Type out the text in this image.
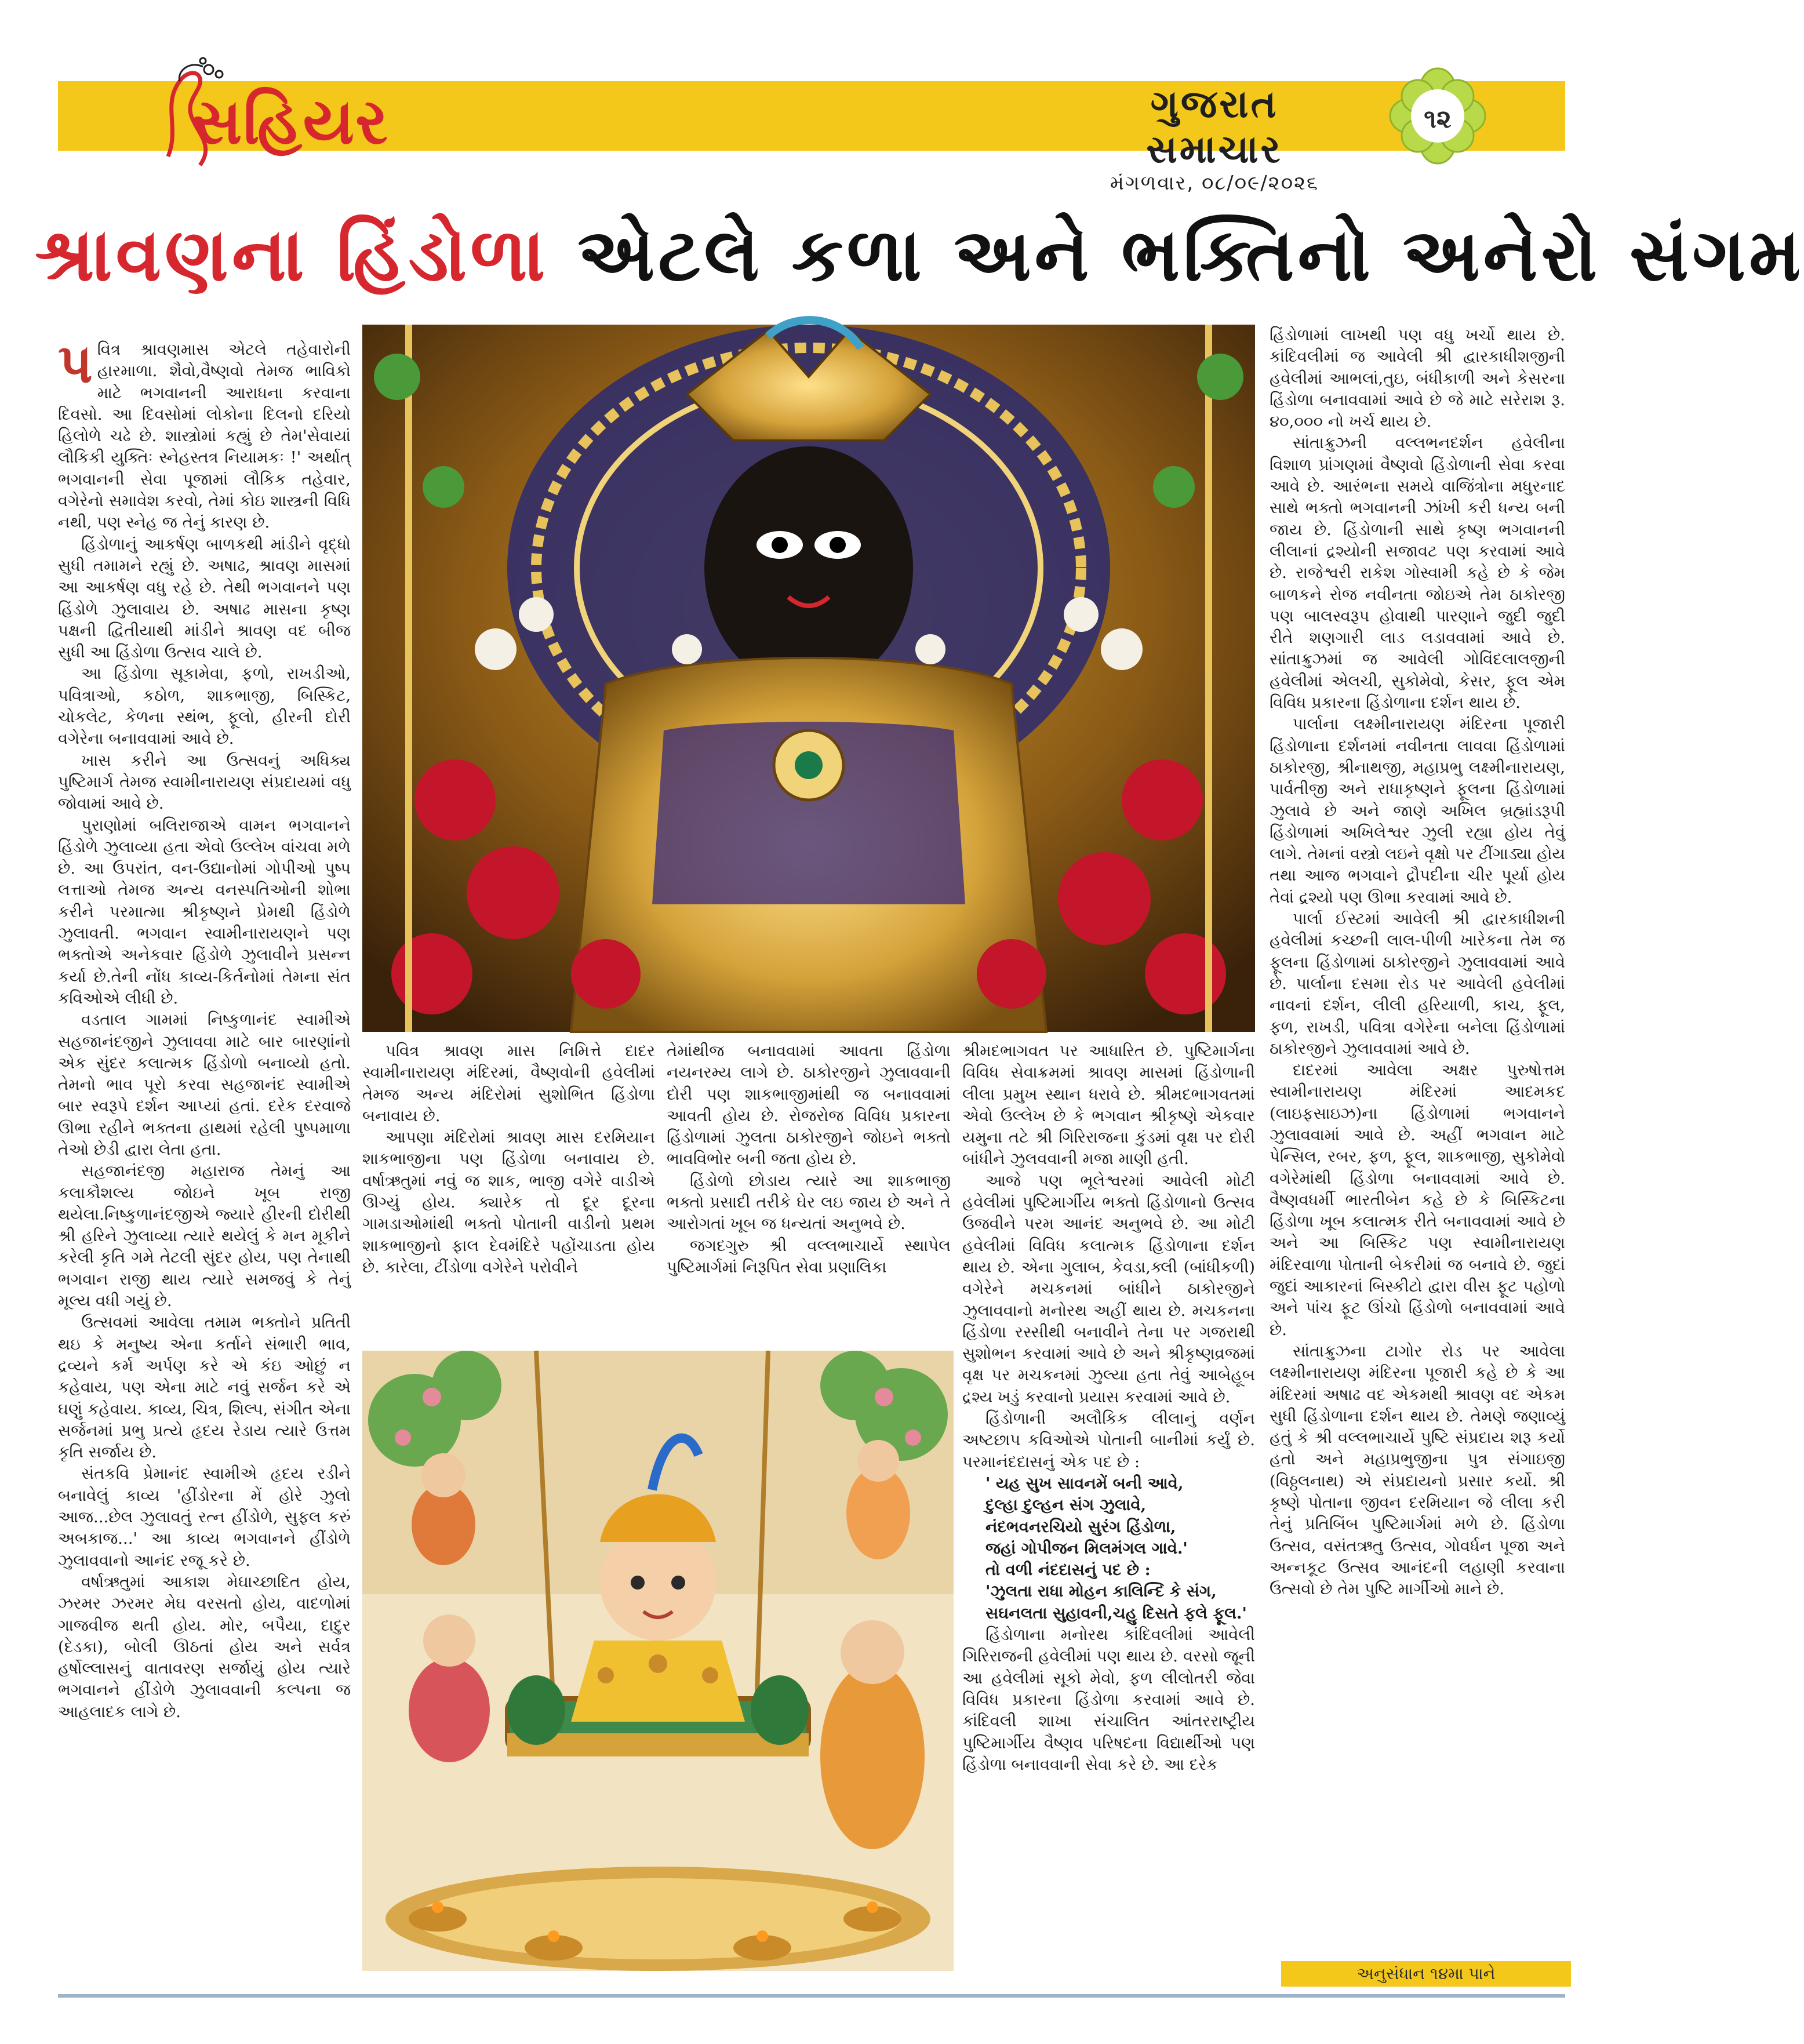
સહિયર	ગુજરાત સમાચાર
મંગળવાર, ૦૮/૦૯/૨૦૨૬
૧૨
શ્રાવણના હિંડોળા એટલે કળા અને ભક્તિનો અનેરો સંગમ

પવિત્ર શ્રાવણમાસ એટલે તહેવારોની હારમાળા. શૈવો,વૈષ્ણવો તેમજ ભાવિકો માટે ભગવાનની આરાધના કરવાના દિવસો. આ દિવસોમાં લોકોના દિલનો દરિયો હિલોળે ચઢે છે. શાસ્ત્રોમાં કહ્યું છે તેમ'સેવાયાં લૌકિકી યુક્તિઃ સ્નેહસ્તત્ર નિયામકઃ !' અર્થાત્ ભગવાનની સેવા પૂજામાં લૌકિક તહેવાર, વગેરેનો સમાવેશ કરવો, તેમાં કોઇ શાસ્ત્રની વિધિ નથી, પણ સ્નેહ જ તેનું કારણ છે.

હિંડોળાનું આકર્ષણ બાળકથી માંડીને વૃદ્ધો સુધી તમામને રહ્યું છે. અષાઢ, શ્રાવણ માસમાં આ આકર્ષણ વધુ રહે છે. તેથી ભગવાનને પણ હિંડોળે ઝુલાવાય છે. અષાઢ માસના કૃષ્ણ પક્ષની દ્વિતીયાથી માંડીને શ્રાવણ વદ બીજ સુધી આ હિંડોળા ઉત્સવ ચાલે છે.

આ હિંડોળા સૂકામેવા, ફળો, રાખડીઓ, પવિત્રાઓ, કઠોળ, શાકભાજી, બિસ્કિટ, ચોકલેટ, કેળના સ્થંભ, ફૂલો, હીરની દોરી વગેરેના બનાવવામાં આવે છે.

ખાસ કરીને આ ઉત્સવનું અધિક્ય પુષ્ટિમાર્ગ તેમજ સ્વામીનારાયણ સંપ્રદાયમાં વધુ જોવામાં આવે છે.

પુરાણોમાં બલિરાજાએ વામન ભગવાનને હિંડોળે ઝુલાવ્યા હતા એવો ઉલ્લેખ વાંચવા મળે છે. આ ઉપરાંત, વન-ઉદ્યાનોમાં ગોપીઓ પુષ્પ લત્તાઓ તેમજ અન્ય વનસ્પતિઓની શોભા કરીને પરમાત્મા શ્રીકૃષ્ણને પ્રેમથી હિંડોળે ઝુલાવતી. ભગવાન સ્વામીનારાયણને પણ ભક્તોએ અનેકવાર હિંડોળે ઝુલાવીને પ્રસન્ન કર્યા છે.તેની નોંધ કાવ્ય-કિર્તનોમાં તેમના સંત કવિઓએ લીધી છે.

વડતાલ ગામમાં નિષ્કુળાનંદ સ્વામીએ સહજાનંદજીને ઝુલાવવા માટે બાર બારણાંનો એક સુંદર કલાત્મક હિંડોળો બનાવ્યો હતો. તેમનો ભાવ પૂરો કરવા સહજાનંદ સ્વામીએ બાર સ્વરૂપે દર્શન આપ્યાં હતાં. દરેક દરવાજે ઊભા રહીને ભક્તના હાથમાં રહેલી પુષ્પમાળા તેઓ છેડી દ્વારા લેતા હતા.

સહજાનંદજી મહારાજ તેમનું આ કલાકૌશલ્ય જોઇને ખૂબ રાજી થયેલા.નિષ્કુળાનંદજીએ જ્યારે હીરની દોરીથી શ્રી હરિને ઝુલાવ્યા ત્યારે થયેલું કે મન મૂકીને કરેલી કૃતિ ગમે તેટલી સુંદર હોય, પણ તેનાથી ભગવાન રાજી થાય ત્યારે સમજવું કે તેનું મૂલ્ય વધી ગયું છે.

ઉત્સવમાં આવેલા તમામ ભક્તોને પ્રતિતી થઇ કે મનુષ્ય એના કર્તાને સંભારી ભાવ, દ્રવ્યને કર્મ અર્પણ કરે એ કંઇ ઓછું ન કહેવાય, પણ એના માટે નવું સર્જન કરે એ ઘણું કહેવાય. કાવ્ય, ચિત્ર, શિલ્પ, સંગીત એના સર્જનમાં પ્રભુ પ્રત્યે હૃદય રેડાય ત્યારે ઉત્તમ કૃતિ સર્જાય છે.

સંતકવિ પ્રેમાનંદ સ્વામીએ હૃદય રડીને બનાવેલું કાવ્ય 'હીંડોરના મેં હોરે ઝુલો આજ...છેલ ઝુલાવતું રત્ન હીંડોળે, સુફલ કરું અબકાજ...' આ કાવ્ય ભગવાનને હીંડોળે ઝુલાવવાનો આનંદ રજૂ કરે છે.

વર્ષાઋતુમાં આકાશ મેઘાચ્છાદિત હોય, ઝરમર ઝરમર મેઘ વરસતો હોય, વાદળોમાં ગાજવીજ થતી હોય. મોર, બપૈયા, દાદુર (દેડકા), બોલી ઊઠતાં હોય અને સર્વત્ર હર્ષોલ્લાસનું વાતાવરણ સર્જાયું હોય ત્યારે ભગવાનને હીંડોળે ઝુલાવવાની કલ્પના જ આહલાદક લાગે છે.

પવિત્ર શ્રાવણ માસ નિમિત્તે દાદર સ્વામીનારાયણ મંદિરમાં, વૈષ્ણવોની હવેલીમાં તેમજ અન્ય મંદિરોમાં સુશોભિત હિંડોળા બનાવાય છે.

આપણા મંદિરોમાં શ્રાવણ માસ દરમિયાન શાકભાજીના પણ હિંડોળા બનાવાય છે. વર્ષાઋતુમાં નવું જ શાક, ભાજી વગેરે વાડીએ ઊગ્યું હોય. ક્યારેક તો દૂર દૂરના ગામડાઓમાંથી ભક્તો પોતાની વાડીનો પ્રથમ શાકભાજીનો ફાલ દેવમંદિરે પહોંચાડતા હોય છે. કારેલા, ટીંડોળા વગેરેને પરોવીને

તેમાંથીજ બનાવવામાં આવતા હિંડોળા નયનરમ્ય લાગે છે. ઠાકોરજીને ઝુલાવવાની દોરી પણ શાકભાજીમાંથી જ બનાવવામાં આવતી હોય છે. રોજરોજ વિવિધ પ્રકારના હિંડોળામાં ઝુલતા ઠાકોરજીને જોઇને ભક્તો ભાવવિભોર બની જતા હોય છે.

હિંડોળો છોડાય ત્યારે આ શાકભાજી ભક્તો પ્રસાદી તરીકે ઘેર લઇ જાય છે અને તે આરોગતાં ખૂબ જ ધન્યતાં અનુભવે છે.

જગદગુરુ શ્રી વલ્લભાચાર્યે સ્થાપેલ પુષ્ટિમાર્ગમાં નિરૂપિત સેવા પ્રણાલિકા

શ્રીમદભાગવત પર આધારિત છે. પુષ્ટિમાર્ગના વિવિધ સેવાક્રમમાં શ્રાવણ માસમાં હિંડોળાની લીલા પ્રમુખ સ્થાન ધરાવે છે. શ્રીમદભાગવતમાં એવો ઉલ્લેખ છે કે ભગવાન શ્રીકૃષ્ણે એકવાર યમુના તટે શ્રી ગિરિરાજના કુંડમાં વૃક્ષ પર દોરી બાંધીને ઝુલવવાની મજા માણી હતી.

આજે પણ ભૂલેશ્વરમાં આવેલી મોટી હવેલીમાં પુષ્ટિમાર્ગીય ભક્તો હિંડોળાનો ઉત્સવ ઉજવીને પરમ આનંદ અનુભવે છે. આ મોટી હવેલીમાં વિવિધ કલાત્મક હિંડોળાના દર્શન થાય છે. એના ગુલાબ, કેવડા,ક્લી (બાંધીકળી) વગેરેને મચકનમાં બાંધીને ઠાકોરજીને ઝુલાવવાનો મનોરથ અહીં થાય છે. મચકનના હિંડોળા રસ્સીથી બનાવીને તેના પર ગજરાથી સુશોભન કરવામાં આવે છે અને શ્રીકૃષ્ણવ્રજમાં વૃક્ષ પર મચકનમાં ઝુલ્યા હતા તેવું આબેહૂબ દ્રશ્ય ખડું કરવાનો પ્રયાસ કરવામાં આવે છે.

હિંડોળાની અલૌકિક લીલાનું વર્ણન અષ્ટછાપ કવિઓએ પોતાની બાનીમાં કર્યું છે. પરમાનંદદાસનું એક પદ છે :

' યહ સુખ સાવનમેં બની આવે,

દુલ્હા દુલ્હન સંગ ઝુલાવે,

નંદભવનરચિયો સુરંગ હિંડોળા,

જહાં ગોપીજન મિલમંગલ ગાવે.'

તો વળી નંદદાસનું પદ છે :

'ઝુલતા રાધા મોહન કાલિન્દિ કે સંગ,

સઘનલતા સુહાવની,ચહુ દિસતે ફલે ફૂલ.'

હિંડોળાના મનોરથ કાંદિવલીમાં આવેલી ગિરિરાજની હવેલીમાં પણ થાય છે. વરસો જૂની આ હવેલીમાં સૂકો મેવો, ફળ લીલોતરી જેવા વિવિધ પ્રકારના હિંડોળા કરવામાં આવે છે. કાંદિવલી શાખા સંચાલિત આંતરરાષ્ટ્રીય પુષ્ટિમાર્ગીય વૈષ્ણવ પરિષદના વિદ્યાર્થીઓ પણ હિંડોળા બનાવવાની સેવા કરે છે. આ દરેક

હિંડોળામાં લાખથી પણ વધુ ખર્ચો થાય છે. કાંદિવલીમાં જ આવેલી શ્રી દ્વારકાધીશજીની હવેલીમાં આભલાં,તુઇ, બંધીકાળી અને કેસરના હિંડોળા બનાવવામાં આવે છે જે માટે સરેરાશ રૂ. ૪૦,૦૦૦ નો ખર્ચ થાય છે.

સાંતાક્રુઝની વલ્લભનદર્શન હવેલીના વિશાળ પ્રાંગણમાં વૈષ્ણવો હિંડોળાની સેવા કરવા આવે છે. આરંભના સમયે વાજિંત્રોના મધુરનાદ સાથે ભક્તો ભગવાનની ઝાંખી કરી ધન્ય બની જાય છે. હિંડોળાની સાથે કૃષ્ણ ભગવાનની લીલાનાં દ્રશ્યોની સજાવટ પણ કરવામાં આવે છે. રાજેશ્વરી રાકેશ ગોસ્વામી કહે છે કે જેમ બાળકને રોજ નવીનતા જોઇએ તેમ ઠાકોરજી પણ બાલસ્વરૂપ હોવાથી પારણાને જુદી જુદી રીતે શણગારી લાડ લડાવવામાં આવે છે. સાંતાક્રુઝમાં જ આવેલી ગોવિંદલાલજીની હવેલીમાં એલચી, સુકોમેવો, કેસર, ફૂલ એમ વિવિધ પ્રકારના હિંડોળાના દર્શન થાય છે.

પાર્લાના લક્ષ્મીનારાયણ મંદિરના પૂજારી હિંડોળાના દર્શનમાં નવીનતા લાવવા હિંડોળામાં ઠાકોરજી, શ્રીનાથજી, મહાપ્રભુ લક્ષ્મીનારાયણ, પાર્વતીજી અને રાધાકૃષ્ણને ફૂલના હિંડોળામાં ઝુલાવે છે અને જાણે અખિલ બ્રહ્માંડરૂપી હિંડોળામાં અખિલેશ્વર ઝુલી રહ્યા હોય તેવું લાગે. તેમનાં વસ્ત્રો લઇને વૃક્ષો પર ટીંગાડ્યા હોય તથા આજ ભગવાને દ્રૌપદીના ચીર પૂર્યા હોય તેવાં દ્રશ્યો પણ ઊભા કરવામાં આવે છે.

પાર્લા ઈસ્ટમાં આવેલી શ્રી દ્વારકાધીશની હવેલીમાં કચ્છની લાલ-પીળી ખારેકના તેમ જ ફૂલના હિંડોળામાં ઠાકોરજીને ઝુલાવવામાં આવે છે. પાર્લાના દસમા રોડ પર આવેલી હવેલીમાં નાવનાં દર્શન, લીલી હરિયાળી, કાચ, ફૂલ, ફળ, રાખડી, પવિત્રા વગેરેના બનેલા હિંડોળામાં ઠાકોરજીને ઝુલાવવામાં આવે છે.

દાદરમાં આવેલા અક્ષર પુરુષોત્તમ સ્વામીનારાયણ મંદિરમાં આદમકદ (લાઇફસાઇઝ)ના હિંડોળામાં ભગવાનને ઝુલાવવામાં આવે છે. અહીં ભગવાન માટે પેન્સિલ, રબર, ફળ, ફૂલ, શાકભાજી, સુકોમેવો વગેરેમાંથી હિંડોળા બનાવવામાં આવે છે. વૈષ્ણવધર્મી ભારતીબેન કહે છે કે બિસ્કિટના હિંડોળા ખૂબ કલાત્મક રીતે બનાવવામાં આવે છે અને આ બિસ્કિટ પણ સ્વામીનારાયણ મંદિરવાળા પોતાની બેકરીમાં જ બનાવે છે. જુદાં જુદાં આકારનાં બિસ્કીટો દ્વારા વીસ ફૂટ પહોળો અને પાંચ ફૂટ ઊંચો હિંડોળો બનાવવામાં આવે છે.

સાંતાક્રુઝના ટાગોર રોડ પર આવેલા લક્ષ્મીનારાયણ મંદિરના પૂજારી કહે છે કે આ મંદિરમાં અષાઢ વદ એકમથી શ્રાવણ વદ એકમ સુધી હિંડોળાના દર્શન થાય છે. તેમણે જણાવ્યું હતું કે શ્રી વલ્લભાચાર્યે પુષ્ટિ સંપ્રદાય શરૂ કર્યો હતો અને મહાપ્રભુજીના પુત્ર સંગાઇજી (વિઠ્ઠલનાથ) એ સંપ્રદાયનો પ્રસાર કર્યો. શ્રી કૃષ્ણે પોતાના જીવન દરમિયાન જે લીલા કરી તેનું પ્રતિબિંબ પુષ્ટિમાર્ગમાં મળે છે. હિંડોળા ઉત્સવ, વસંતઋતુ ઉત્સવ, ગોવર્ધન પૂજા અને અન્નકૂટ ઉત્સવ આનંદની લહાણી કરવાના ઉત્સવો છે તેમ પુષ્ટિ માર્ગીઓ માને છે.

અનુસંધાન ૧૪મા પાને
